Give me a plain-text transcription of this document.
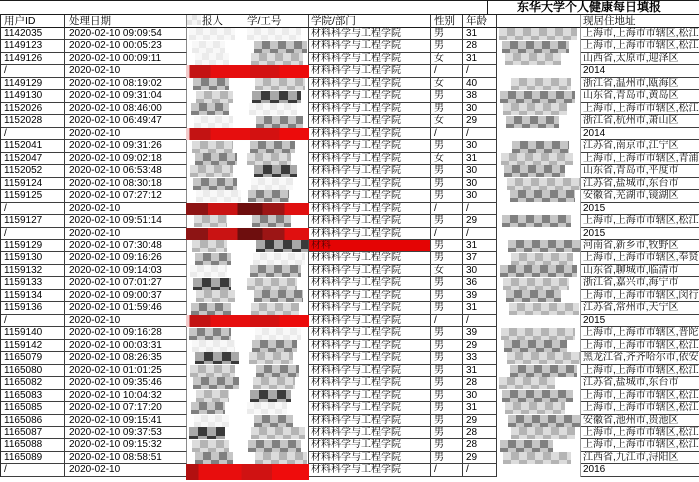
东华大学个人健康每日填报
用户ID	处理日期	报人	学/工号	学院/部门	性别	年龄	现居住地址
1142035	2020-02-10 09:09:54	材料科学与工程学院	男	31	上海市,上海市市辖区,松江
1149123	2020-02-10 00:05:23	材料科学与工程学院	男	28	上海市,上海市市辖区,松江
1149126	2020-02-10 00:09:11	材料科学与工程学院	女	31	山西省,太原市,迎泽区
/	2020-02-10	材料科学与工程学院	/	/	2014
1149129	2020-02-10 08:19:02	材料科学与工程学院	女	40	浙江省,温州市,瓯海区
1149130	2020-02-10 09:31:04	材料科学与工程学院	男	38	山东省,青岛市,黄岛区
1152026	2020-02-10 08:46:00	材料科学与工程学院	男	30	上海市,上海市市辖区,松江
1152028	2020-02-10 06:49:47	材料科学与工程学院	女	29	浙江省,杭州市,萧山区
/	2020-02-10	材料科学与工程学院	/	/	2014
1152041	2020-02-10 09:31:26	材料科学与工程学院	男	30	江苏省,南京市,江宁区
1152047	2020-02-10 09:02:18	材料科学与工程学院	女	31	上海市,上海市市辖区,青浦
1152052	2020-02-10 06:53:48	材料科学与工程学院	男	30	山东省,青岛市,平度市
1159124	2020-02-10 08:30:18	材料科学与工程学院	男	30	江苏省,盐城市,东台市
1159125	2020-02-10 07:27:12	材料科学与工程学院	男	30	安徽省,芜湖市,镜湖区
/	2020-02-10	材料科学与工程学院	/	/	2015
1159127	2020-02-10 09:51:14	材料科学与工程学院	男	29	上海市,上海市市辖区,松江
/	2020-02-10	材料科学与工程学院	/	/	2015
1159129	2020-02-10 07:30:48	材料	男	31	河南省,新乡市,牧野区
1159130	2020-02-10 09:16:26	材料科学与工程学院	男	37	上海市,上海市市辖区,奉贤
1159132	2020-02-10 09:14:03	材料科学与工程学院	女	30	山东省,聊城市,临清市
1159133	2020-02-10 07:01:27	材料科学与工程学院	男	36	浙江省,嘉兴市,海宁市
1159134	2020-02-10 09:00:37	材料科学与工程学院	男	39	上海市,上海市市辖区,闵行
1159136	2020-02-10 01:59:46	材料科学与工程学院	男	31	江苏省,常州市,天宁区
/	2020-02-10	材料科学与工程学院	/	/	2015
1159140	2020-02-10 09:16:28	材料科学与工程学院	男	39	上海市,上海市市辖区,普陀
1159142	2020-02-10 00:03:31	材料科学与工程学院	男	29	上海市,上海市市辖区,松江
1165079	2020-02-10 08:26:35	材料科学与工程学院	男	33	黑龙江省,齐齐哈尔市,依安
1165080	2020-02-10 01:01:25	材料科学与工程学院	男	31	上海市,上海市市辖区,松江
1165082	2020-02-10 09:35:46	材料科学与工程学院	男	28	江苏省,盐城市,东台市
1165083	2020-02-10 10:04:32	材料科学与工程学院	男	30	上海市,上海市市辖区,松江
1165085	2020-02-10 07:17:20	材料科学与工程学院	男	31	上海市,上海市市辖区,松江
1165086	2020-02-10 09:15:41	材料科学与工程学院	男	29	安徽省,池州市,贵池区
1165087	2020-02-10 09:37:53	材料科学与工程学院	男	28	上海市,上海市市辖区,松江
1165088	2020-02-10 09:15:32	材料科学与工程学院	男	28	上海市,上海市市辖区,松江
1165089	2020-02-10 08:58:51	材料科学与工程学院	男	29	江西省,九江市,浔阳区
/	2020-02-10	材料科学与工程学院	/	/	2016
